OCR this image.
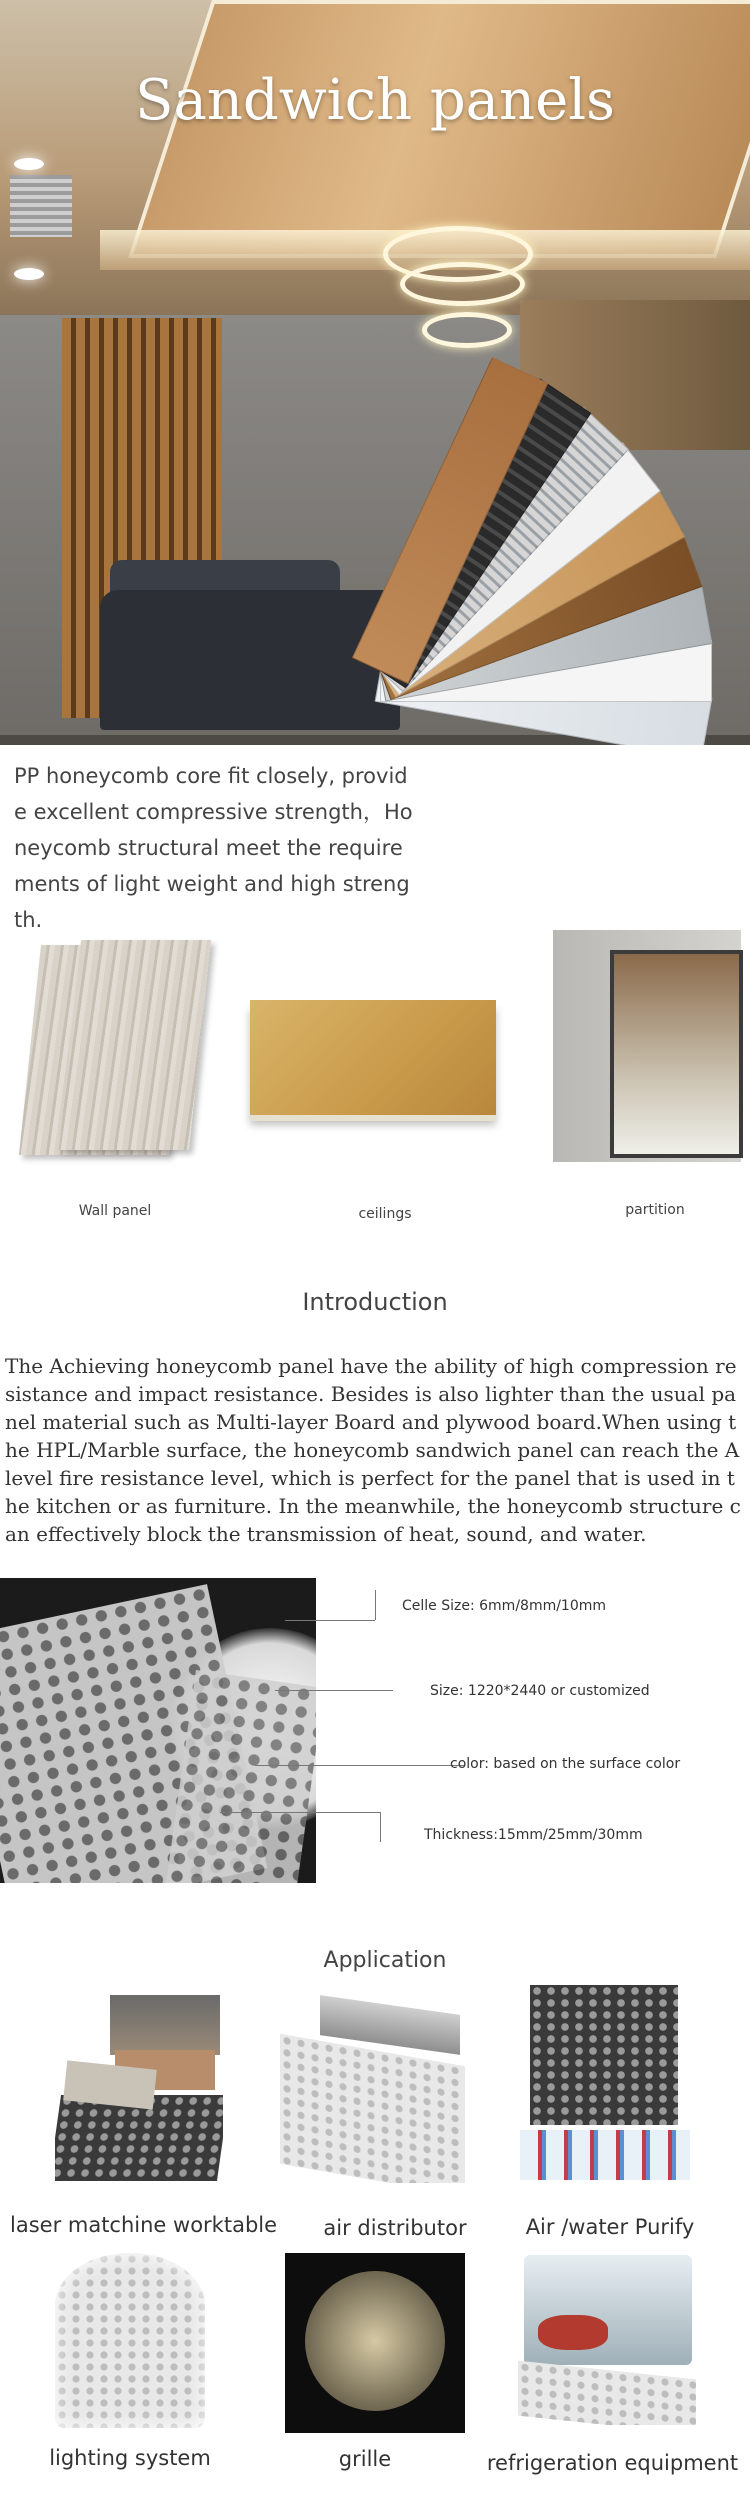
Sandwich panels
PP honeycomb core fit closely, provide excellent compressive strength，Honeycomb structural meet the requirements of light weight and high strength.
Wall panel	ceilings	partition
Introduction
The Achieving honeycomb panel have the ability of high compression resistance and impact resistance. Besides is also lighter than the usual panel material such as Multi-layer Board and plywood board.When using the HPL/Marble surface, the honeycomb sandwich panel can reach the A level fire resistance level, which is perfect for the panel that is used in the kitchen or as furniture. In the meanwhile, the honeycomb structure can effectively block the transmission of heat, sound, and water.
Celle Size: 6mm/8mm/10mm
Size: 1220*2440 or customized
color: based on the surface color
Thickness:15mm/25mm/30mm
Application
laser matchine worktable	air distributor	Air /water Purify
lighting system	grille	refrigeration equipment
